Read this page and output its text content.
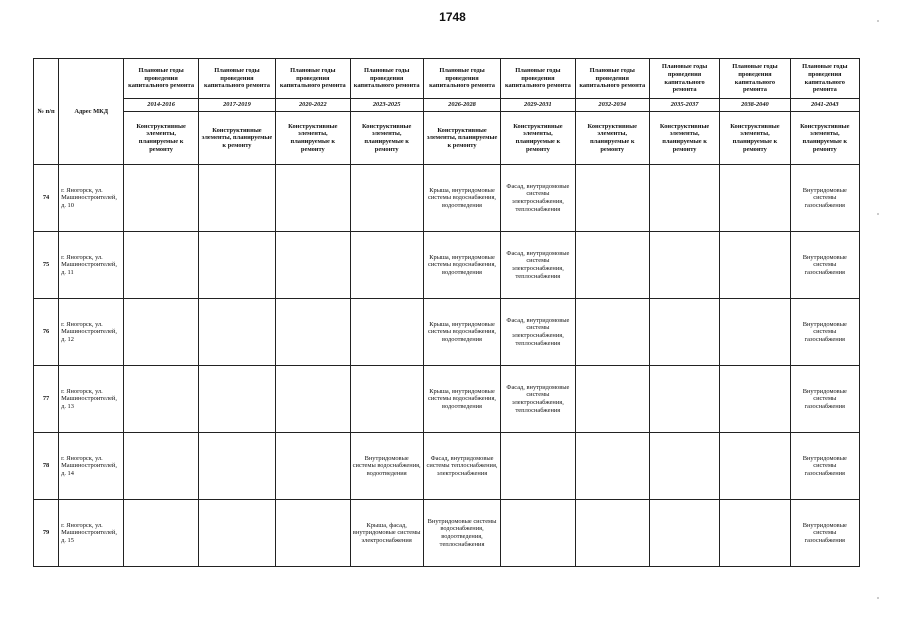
1748
№ п/п	Адрес МКД	Плановые годы проведения капитального ремонта	Плановые годы проведения капитального ремонта	Плановые годы проведения капитального ремонта	Плановые годы проведения капитального ремонта	Плановые годы проведения капитального ремонта	Плановые годы проведения капитального ремонта	Плановые годы проведения капитального ремонта	Плановые годы проведения капитального ремонта	Плановые годы проведения капитального ремонта	Плановые годы проведения капитального ремонта
		2014-2016	2017-2019	2020-2022	2023-2025	2026-2028	2029-2031	2032-2034	2035-2037	2038-2040	2041-2043
		Конструктивные элементы, планируемые к ремонту	Конструктивные элементы, планируемые к ремонту	Конструктивные элементы, планируемые к ремонту	Конструктивные элементы, планируемые к ремонту	Конструктивные элементы, планируемые к ремонту	Конструктивные элементы, планируемые к ремонту	Конструктивные элементы, планируемые к ремонту	Конструктивные элементы, планируемые к ремонту	Конструктивные элементы, планируемые к ремонту	Конструктивные элементы, планируемые к ремонту
74	г. Яногорск, ул. Машиностроителей, д. 10					Крыша, внутридомовые системы водоснабжения, водоотведения	Фасад, внутридомовые системы электроснабжения, теплоснабжения				Внутридомовые системы газоснабжения
75	г. Яногорск, ул. Машиностроителей, д. 11					Крыша, внутридомовые системы водоснабжения, водоотведения	Фасад, внутридомовые системы электроснабжения, теплоснабжения				Внутридомовые системы газоснабжения
76	г. Яногорск, ул. Машиностроителей, д. 12					Крыша, внутридомовые системы водоснабжения, водоотведения	Фасад, внутридомовые системы электроснабжения, теплоснабжения				Внутридомовые системы газоснабжения
77	г. Яногорск, ул. Машиностроителей, д. 13					Крыша, внутридомовые системы водоснабжения, водоотведения	Фасад, внутридомовые системы электроснабжения, теплоснабжения				Внутридомовые системы газоснабжения
78	г. Яногорск, ул. Машиностроителей, д. 14				Внутридомовые системы водоснабжения, водоотведения	Фасад, внутридомовые системы теплоснабжения, электроснабжения					Внутридомовые системы газоснабжения
79	г. Яногорск, ул. Машиностроителей, д. 15				Крыша, фасад, внутридомовые системы электроснабжения	Внутридомовые системы водоснабжения, водоотведения, теплоснабжения					Внутридомовые системы газоснабжения
